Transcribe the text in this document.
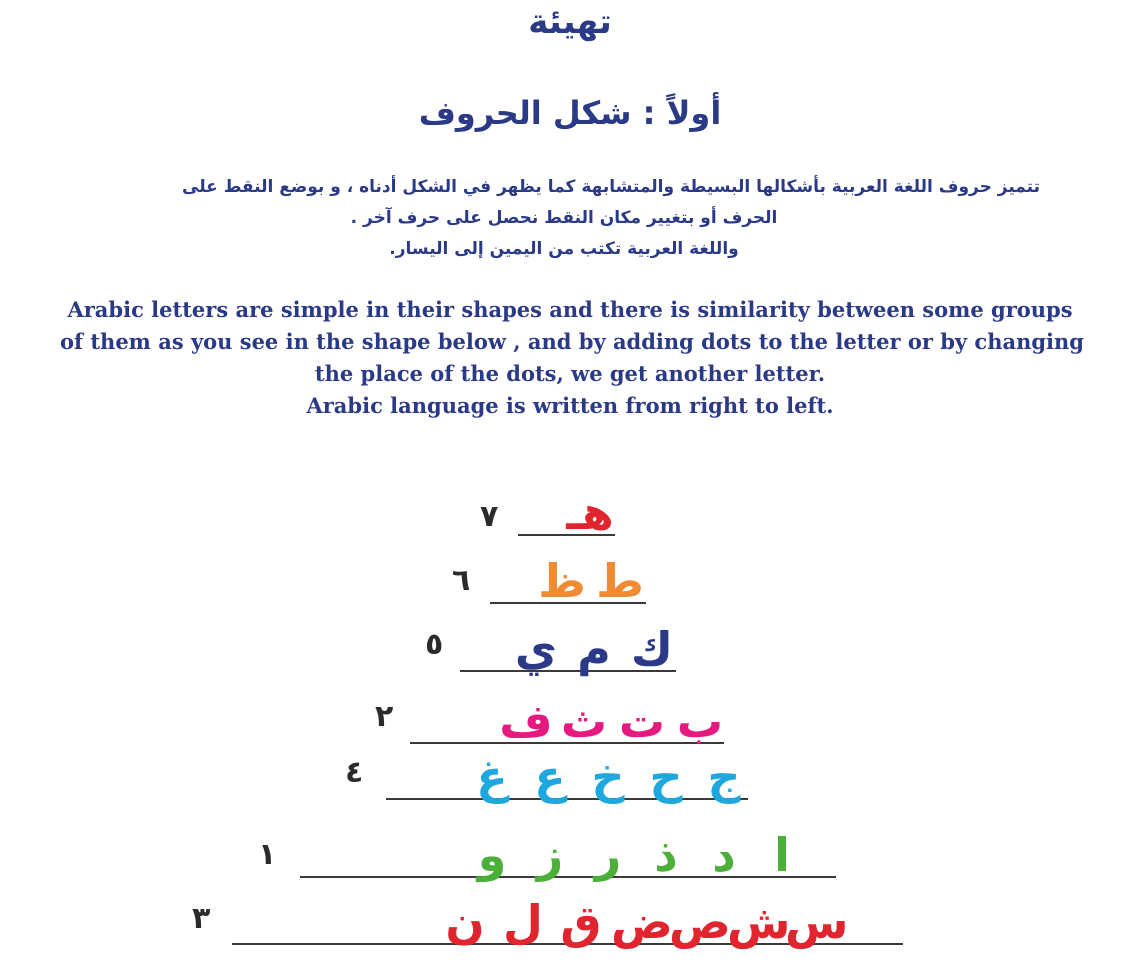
تهيئة
أولاً : شكل الحروف
تتميز حروف اللغة العربية بأشكالها البسيطة والمتشابهة كما يظهر في الشكل أدناه ، و بوضع النقط على
الحرف أو بتغيير مكان النقط نحصل على حرف آخر .
واللغة العربية تكتب من اليمين إلى اليسار.
Arabic letters are simple in their shapes and there is similarity between some groups
of them as you see in the shape below , and by adding dots to the letter or by changing
the place of the dots, we get another letter.
Arabic language is written from right to left.
٧ هـ
٦	ط
ظ
٥	ك
م
ي
٢	ب
ت
ث
ف
٤	ج
ح
خ
ع
غ
١	ا
د
ذ
ر
ز
و
٣	س
ش
ص
ض
ق
ل
ن
